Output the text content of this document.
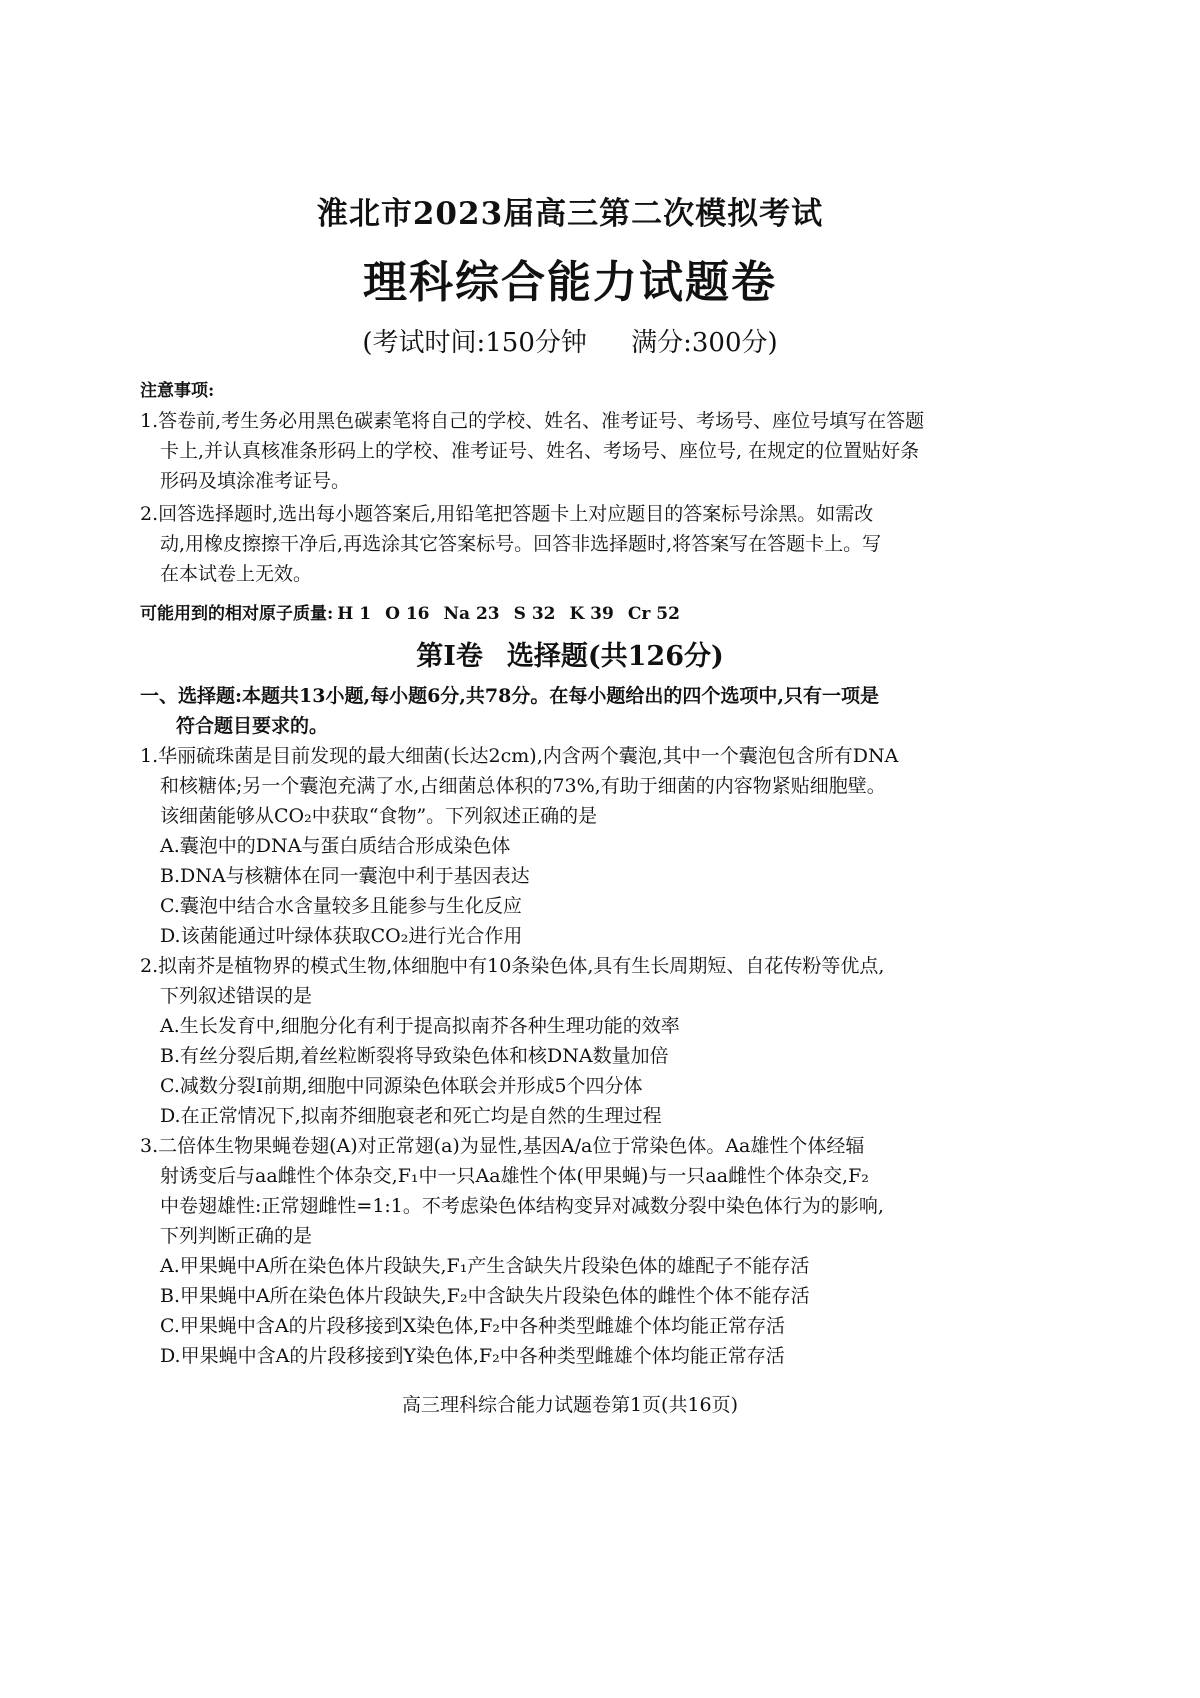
淮北市2023届高三第二次模拟考试
理科综合能力试题卷
(考试时间:150分钟 满分:300分)
注意事项:
1.答卷前,考生务必用黑色碳素笔将自己的学校、姓名、准考证号、考场号、座位号填写在答题
卡上,并认真核准条形码上的学校、准考证号、姓名、考场号、座位号, 在规定的位置贴好条
形码及填涂准考证号。
2.回答选择题时,选出每小题答案后,用铅笔把答题卡上对应题目的答案标号涂黑。如需改
动,用橡皮擦擦干净后,再选涂其它答案标号。回答非选择题时,将答案写在答题卡上。写
在本试卷上无效。
可能用到的相对原子质量: H 1 O 16 Na 23 S 32 K 39 Cr 52
第Ⅰ卷 选择题(共126分)
一、选择题:本题共13小题,每小题6分,共78分。在每小题给出的四个选项中,只有一项是
符合题目要求的。
1.华丽硫珠菌是目前发现的最大细菌(长达2cm),内含两个囊泡,其中一个囊泡包含所有DNA
和核糖体;另一个囊泡充满了水,占细菌总体积的73%,有助于细菌的内容物紧贴细胞壁。
该细菌能够从CO₂中获取“食物”。下列叙述正确的是
A.囊泡中的DNA与蛋白质结合形成染色体
B.DNA与核糖体在同一囊泡中利于基因表达
C.囊泡中结合水含量较多且能参与生化反应
D.该菌能通过叶绿体获取CO₂进行光合作用
2.拟南芥是植物界的模式生物,体细胞中有10条染色体,具有生长周期短、自花传粉等优点,
下列叙述错误的是
A.生长发育中,细胞分化有利于提高拟南芥各种生理功能的效率
B.有丝分裂后期,着丝粒断裂将导致染色体和核DNA数量加倍
C.减数分裂Ⅰ前期,细胞中同源染色体联会并形成5个四分体
D.在正常情况下,拟南芥细胞衰老和死亡均是自然的生理过程
3.二倍体生物果蝇卷翅(A)对正常翅(a)为显性,基因A/a位于常染色体。Aa雄性个体经辐
射诱变后与aa雌性个体杂交,F₁中一只Aa雄性个体(甲果蝇)与一只aa雌性个体杂交,F₂
中卷翅雄性:正常翅雌性=1:1。不考虑染色体结构变异对减数分裂中染色体行为的影响,
下列判断正确的是
A.甲果蝇中A所在染色体片段缺失,F₁产生含缺失片段染色体的雄配子不能存活
B.甲果蝇中A所在染色体片段缺失,F₂中含缺失片段染色体的雌性个体不能存活
C.甲果蝇中含A的片段移接到X染色体,F₂中各种类型雌雄个体均能正常存活
D.甲果蝇中含A的片段移接到Y染色体,F₂中各种类型雌雄个体均能正常存活
高三理科综合能力试题卷第1页(共16页)
